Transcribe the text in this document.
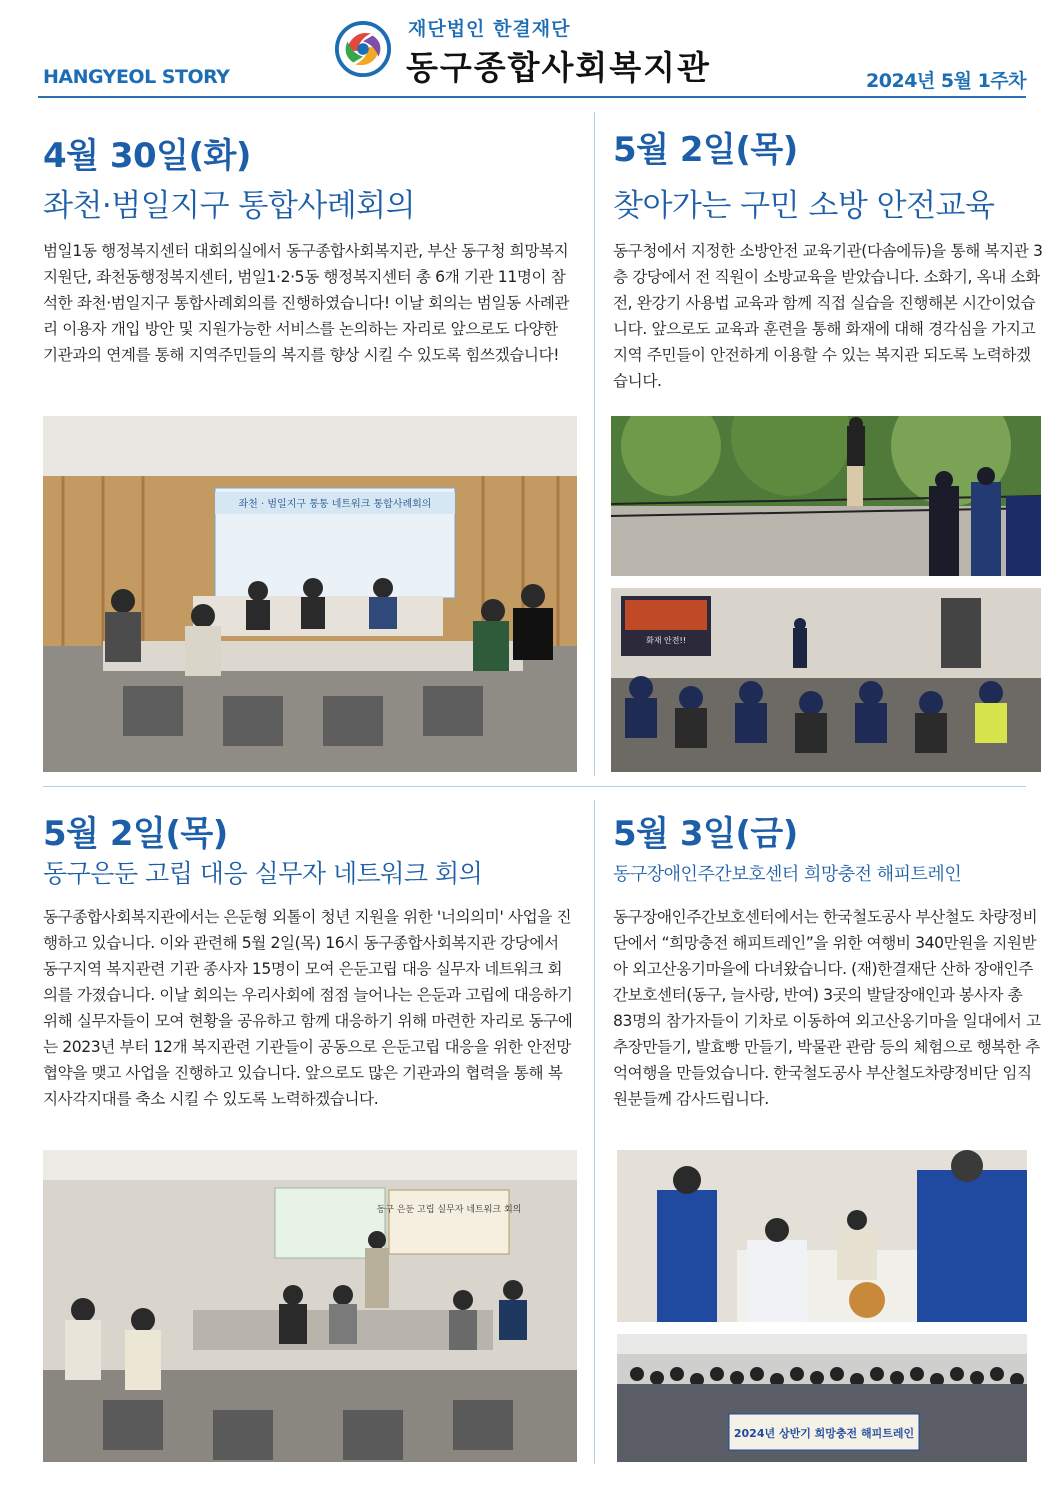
HANGYEOL STORY
재단법인 한결재단
동구종합사회복지관	2024년 5월 1주차
4월 30일(화)
좌천·범일지구 통합사례회의

범일1동 행정복지센터 대회의실에서 동구종합사회복지관, 부산 동구청 희망복지지원단, 좌천동행정복지센터, 범일1·2·5동 행정복지센터 총 6개 기관 11명이 참석한 좌천·범일지구 통합사례회의를 진행하였습니다! 이날 회의는 범일동 사례관리 이용자 개입 방안 및 지원가능한 서비스를 논의하는 자리로 앞으로도 다양한 기관과의 연계를 통해 지역주민들의 복지를 향상 시킬 수 있도록 힘쓰겠습니다!

좌천 · 범일지구 통통 네트워크 통합사례회의
5월 2일(목)
찾아가는 구민 소방 안전교육

동구청에서 지정한 소방안전 교육기관(다솜에듀)을 통해 복지관 3층 강당에서 전 직원이 소방교육을 받았습니다. 소화기, 옥내 소화전, 완강기 사용법 교육과 함께 직접 실습을 진행해본 시간이었습니다. 앞으로도 교육과 훈련을 통해 화재에 대해 경각심을 가지고 지역 주민들이 안전하게 이용할 수 있는 복지관 되도록 노력하겠습니다.

화재 안전!!
5월 2일(목)
동구은둔 고립 대응 실무자 네트워크 회의

동구종합사회복지관에서는 은둔형 외톨이 청년 지원을 위한 '너의의미' 사업을 진행하고 있습니다. 이와 관련해 5월 2일(목) 16시 동구종합사회복지관 강당에서 동구지역 복지관련 기관 종사자 15명이 모여 은둔고립 대응 실무자 네트워크 회의를 가졌습니다. 이날 회의는 우리사회에 점점 늘어나는 은둔과 고립에 대응하기 위해 실무자들이 모여 현황을 공유하고 함께 대응하기 위해 마련한 자리로 동구에는 2023년 부터 12개 복지관련 기관들이 공동으로 은둔고립 대응을 위한 안전망 협약을 맺고 사업을 진행하고 있습니다. 앞으로도 많은 기관과의 협력을 통해 복지사각지대를 축소 시킬 수 있도록 노력하겠습니다.

동구 은둔 고립 실무자 네트워크 회의
5월 3일(금)
동구장애인주간보호센터 희망충전 해피트레인

동구장애인주간보호센터에서는 한국철도공사 부산철도 차량정비단에서 “희망충전 해피트레인”을 위한 여행비 340만원을 지원받아 외고산옹기마을에 다녀왔습니다. (재)한결재단 산하 장애인주간보호센터(동구, 늘사랑, 반여) 3곳의 발달장애인과 봉사자 총 83명의 참가자들이 기차로 이동하여 외고산옹기마을 일대에서 고추장만들기, 발효빵 만들기, 박물관 관람 등의 체험으로 행복한 추억여행을 만들었습니다. 한국철도공사 부산철도차량정비단 임직원분들께 감사드립니다.

2024년 상반기 희망충전 해피트레인
